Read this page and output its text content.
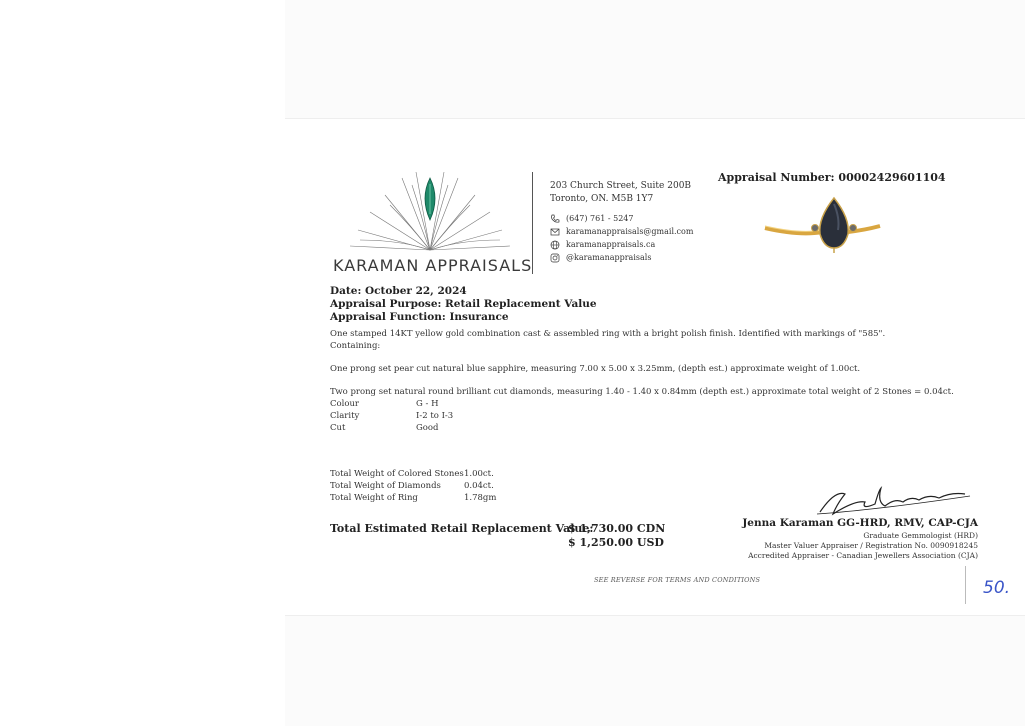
KARAMAN APPRAISALS
203 Church Street, Suite 200B
Toronto, ON. M5B 1Y7
(647) 761 - 5247
karamanappraisals@gmail.com
karamanappraisals.ca
@karamanappraisals
Appraisal Number: 00002429601104
Date: October 22, 2024
Appraisal Purpose: Retail Replacement Value
Appraisal Function: Insurance
One stamped 14KT yellow gold combination cast & assembled ring with a bright polish finish. Identified with markings of "585".
Containing:
One prong set pear cut natural blue sapphire, measuring 7.00 x 5.00 x 3.25mm, (depth est.) approximate weight of 1.00ct.
Two prong set natural round brilliant cut diamonds, measuring 1.40 - 1.40 x 0.84mm (depth est.) approximate total weight of 2 Stones = 0.04ct.
Colour	G - H
Clarity	I-2 to I-3
Cut	Good
Total Weight of Colored Stones 1.00ct.
Total Weight of Diamonds	0.04ct.
Total Weight of Ring	1.78gm
Total Estimated Retail Replacement Value:
$ 1,730.00 CDN
$ 1,250.00 USD
Jenna Karaman GG-HRD, RMV, CAP-CJA
Graduate Gemmologist (HRD)
Master Valuer Appraiser / Registration No. 0090918245
Accredited Appraiser - Canadian Jewellers Association (CJA)
SEE REVERSE FOR TERMS AND CONDITIONS	50.
